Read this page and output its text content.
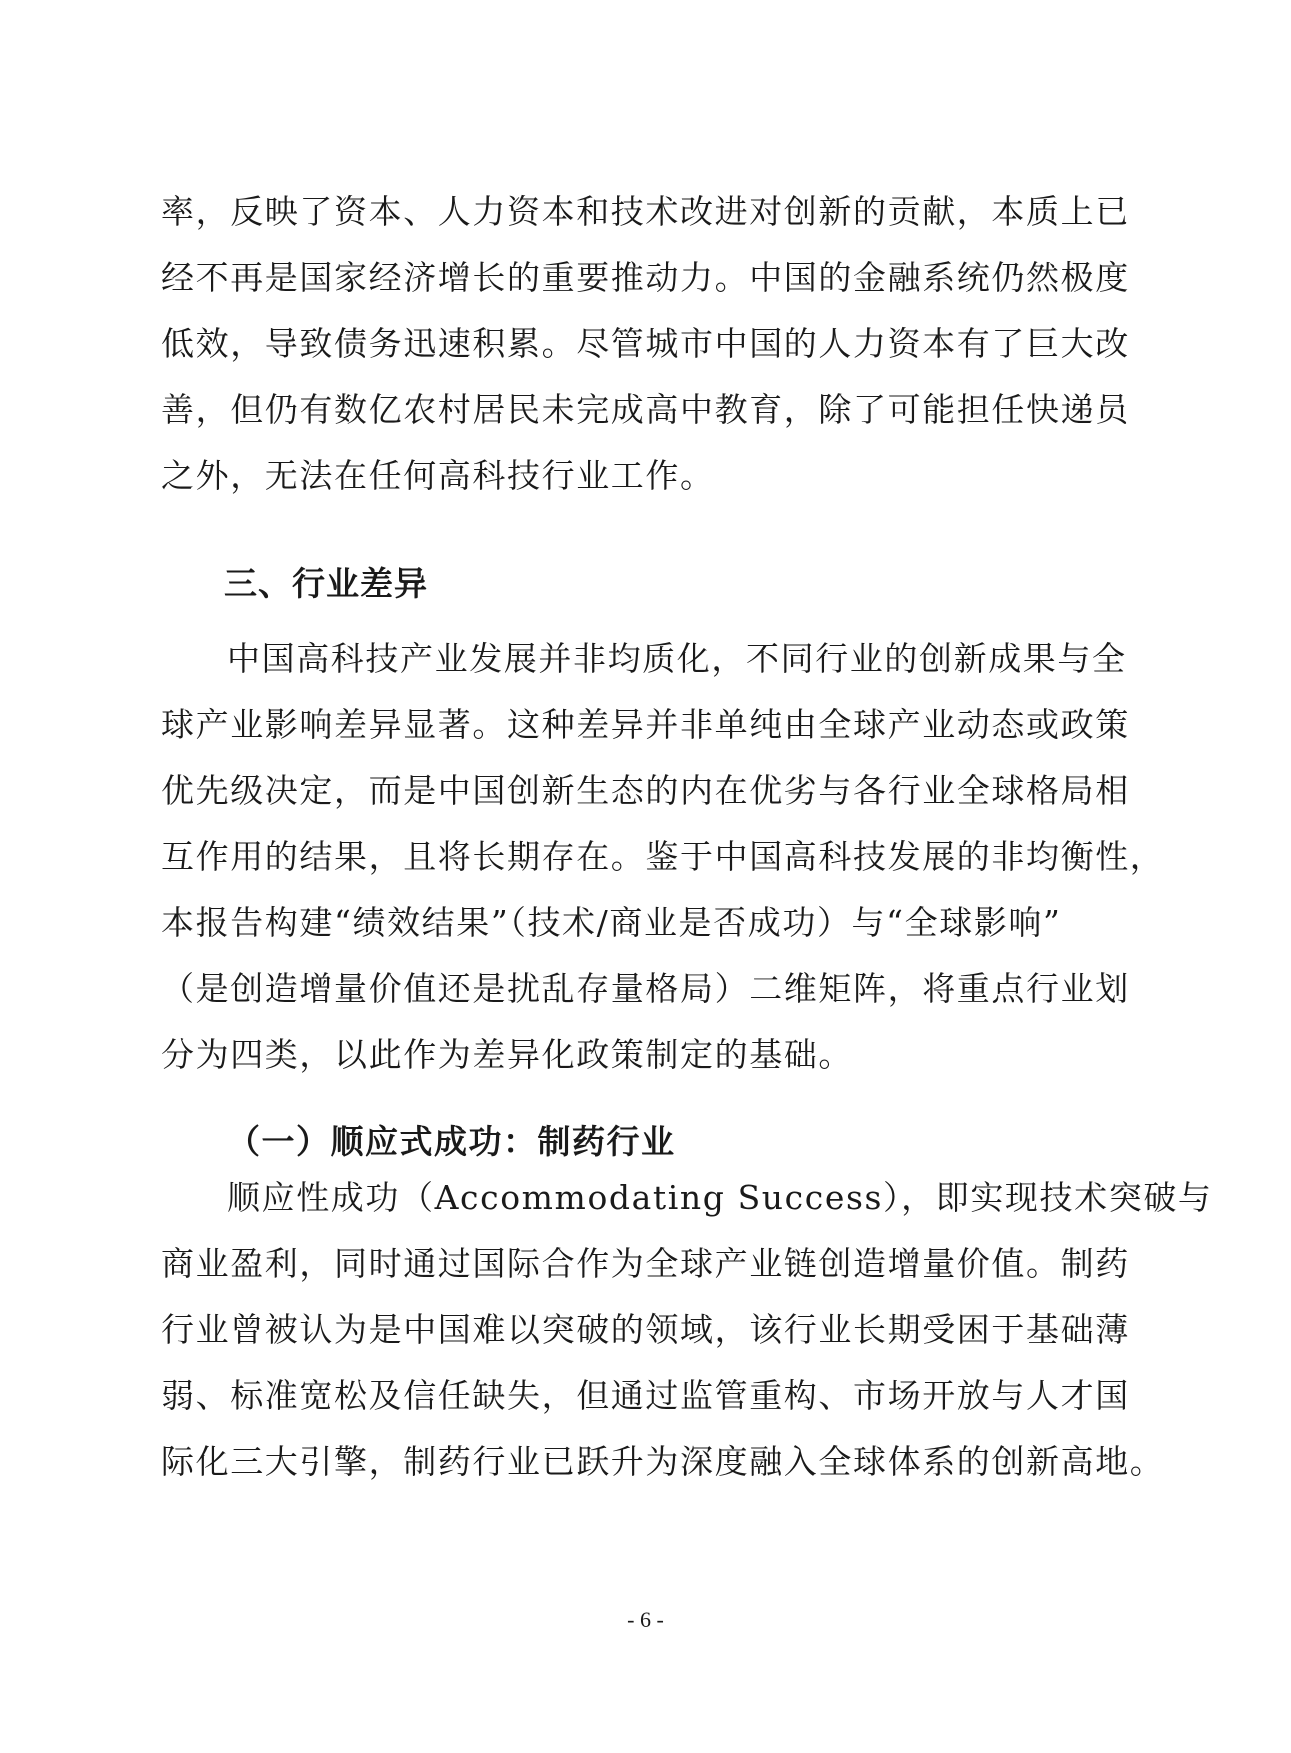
率，反映了资本、人力资本和技术改进对创新的贡献，本质上已
经不再是国家经济增长的重要推动力。中国的金融系统仍然极度
低效，导致债务迅速积累。尽管城市中国的人力资本有了巨大改
善，但仍有数亿农村居民未完成高中教育，除了可能担任快递员
之外，无法在任何高科技行业工作。
三、行业差异
中国高科技产业发展并非均质化，不同行业的创新成果与全
球产业影响差异显著。这种差异并非单纯由全球产业动态或政策
优先级决定，而是中国创新生态的内在优劣与各行业全球格局相
互作用的结果，且将长期存在。鉴于中国高科技发展的非均衡性，
本报告构建“绩效结果”（技术/商业是否成功）与“全球影响”
（是创造增量价值还是扰乱存量格局）二维矩阵，将重点行业划
分为四类，以此作为差异化政策制定的基础。
（一）顺应式成功：制药行业
顺应性成功（Accommodating Success），即实现技术突破与
商业盈利，同时通过国际合作为全球产业链创造增量价值。制药
行业曾被认为是中国难以突破的领域，该行业长期受困于基础薄
弱、标准宽松及信任缺失，但通过监管重构、市场开放与人才国
际化三大引擎，制药行业已跃升为深度融入全球体系的创新高地。
- 6 -
